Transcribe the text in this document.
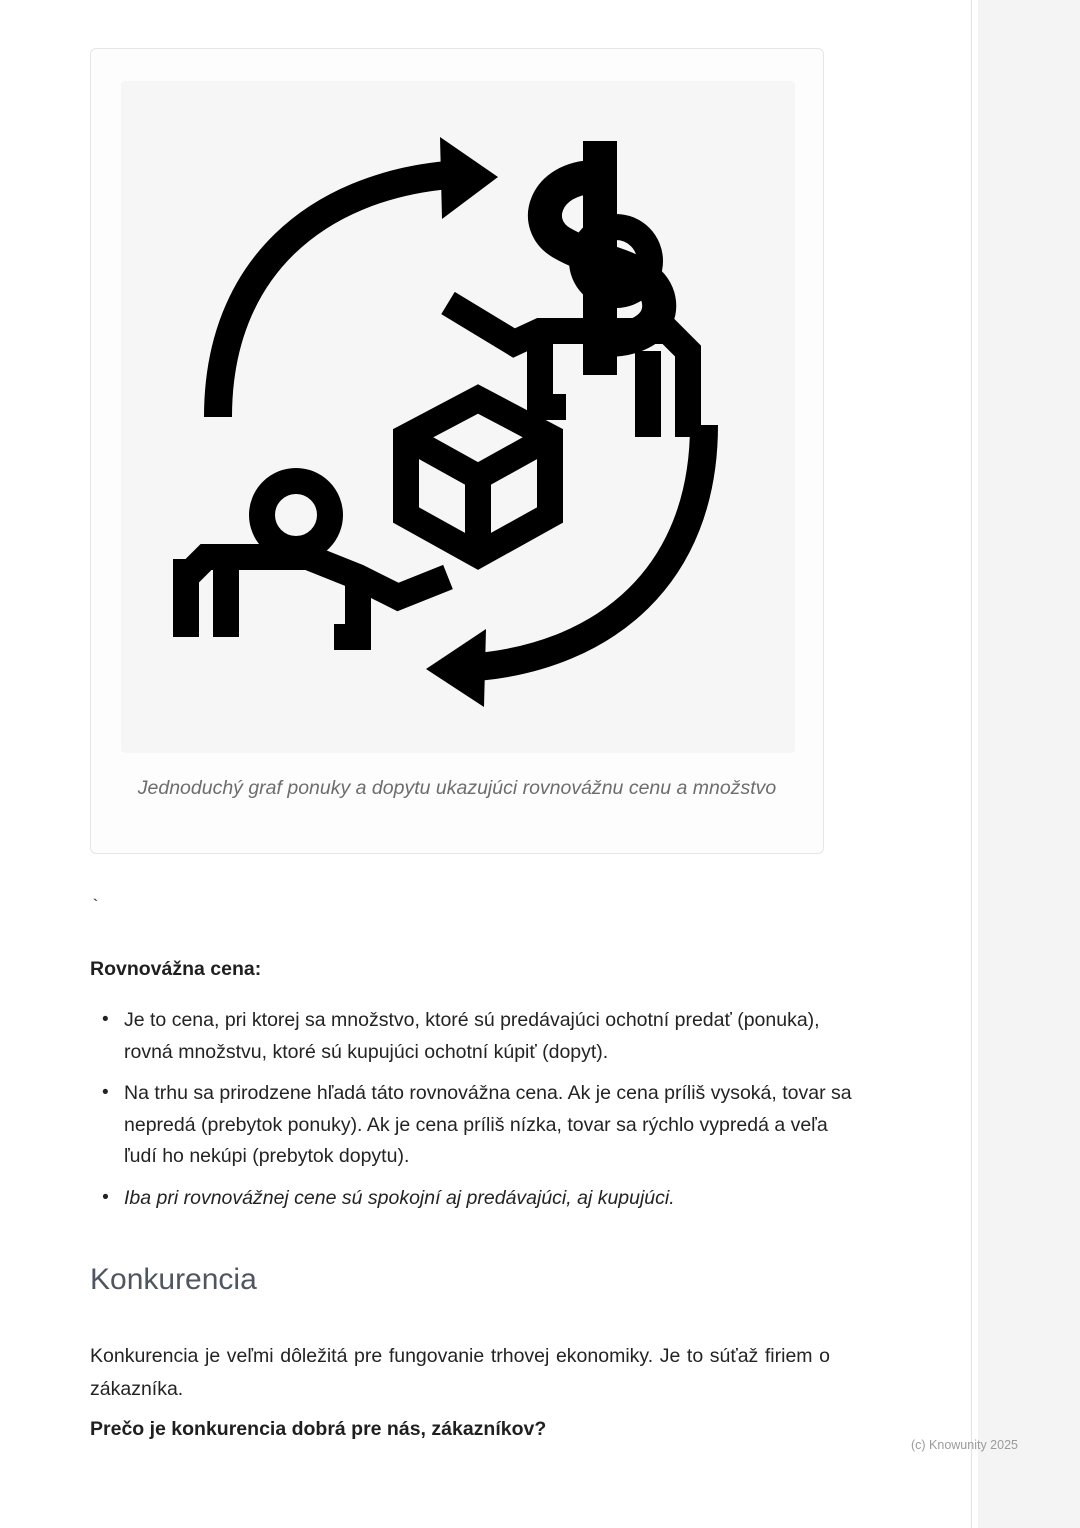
Jednoduchý graf ponuky a dopytu ukazujúci rovnovážnu cenu a množstvo
`
Rovnovážna cena:
• Je to cena, pri ktorej sa množstvo, ktoré sú predávajúci ochotní predať (ponuka), rovná množstvu, ktoré sú kupujúci ochotní kúpiť (dopyt).
• Na trhu sa prirodzene hľadá táto rovnovážna cena. Ak je cena príliš vysoká, tovar sa nepredá (prebytok ponuky). Ak je cena príliš nízka, tovar sa rýchlo vypredá a veľa ľudí ho nekúpi (prebytok dopytu).
• Iba pri rovnovážnej cene sú spokojní aj predávajúci, aj kupujúci.
Konkurencia

Konkurencia je veľmi dôležitá pre fungovanie trhovej ekonomiky. Je to súťaž firiem o zákazníka.

Prečo je konkurencia dobrá pre nás, zákazníkov?
(c) Knowunity 2025
